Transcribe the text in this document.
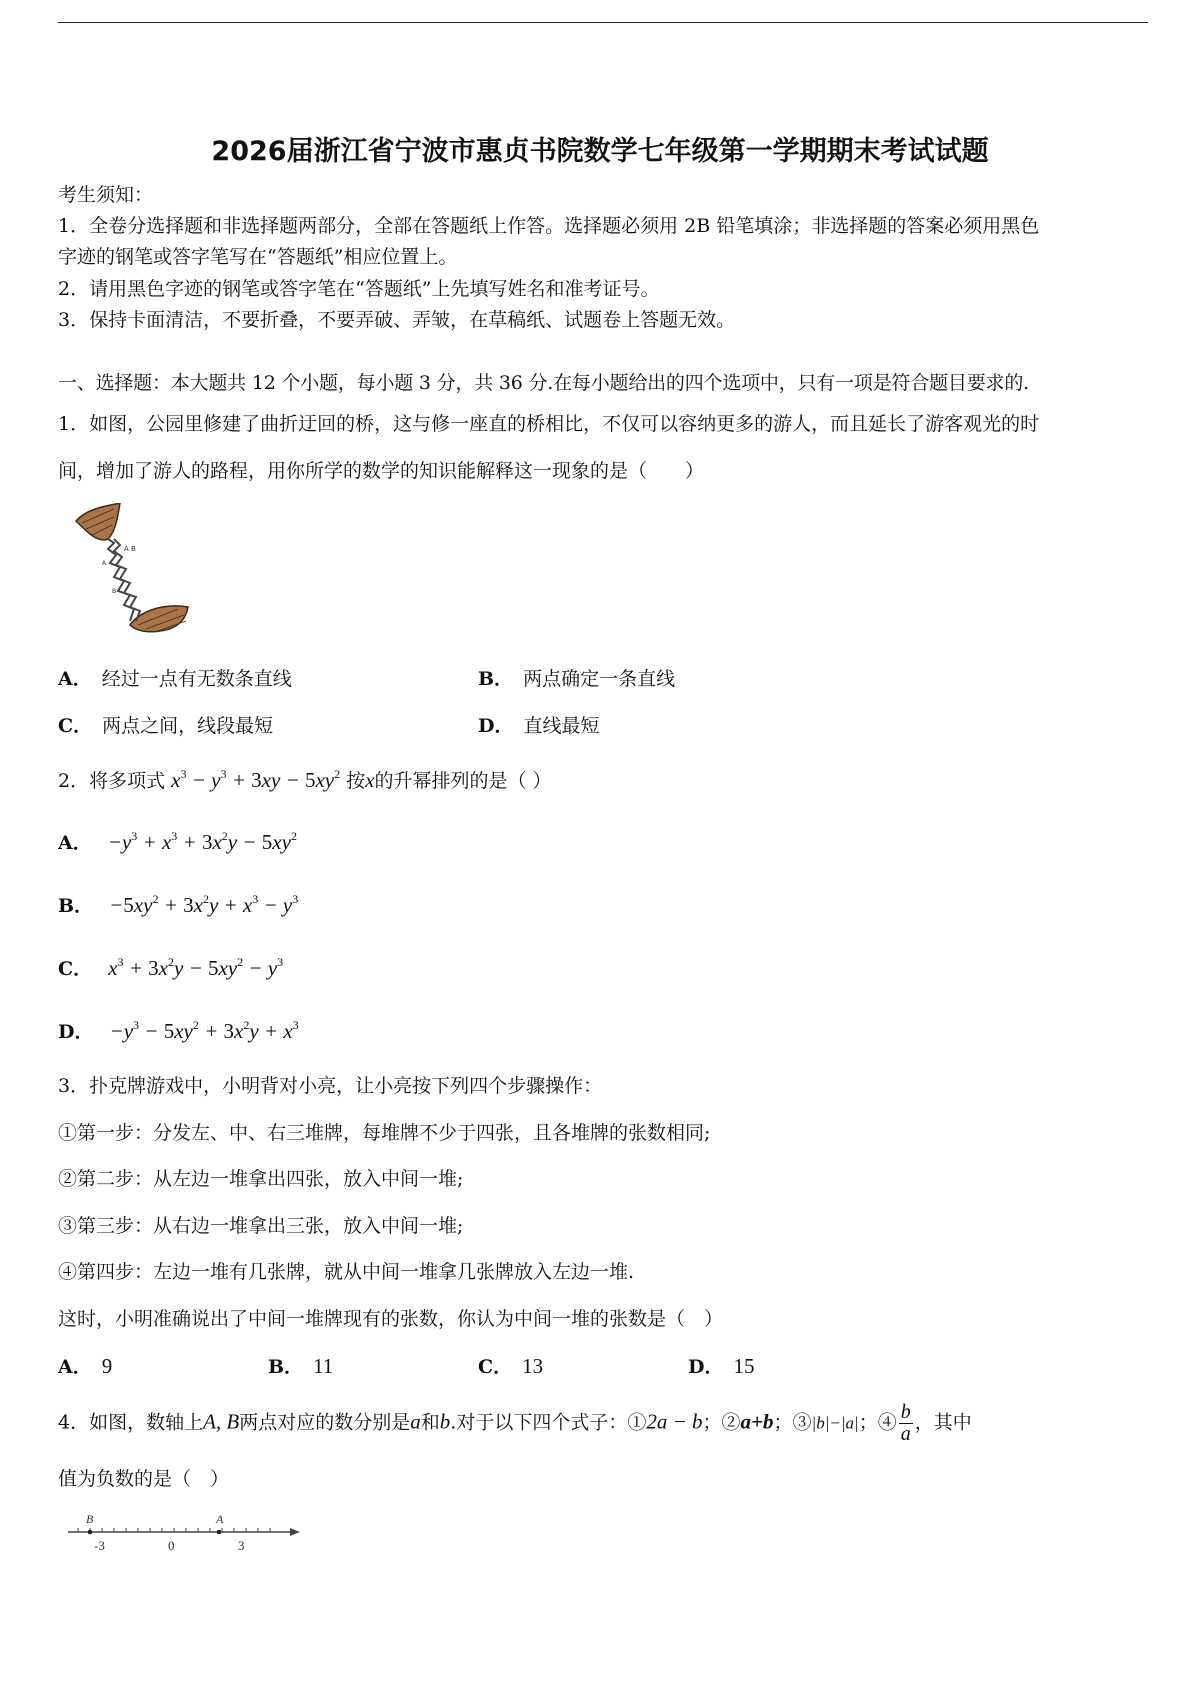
2026届浙江省宁波市惠贞书院数学七年级第一学期期末考试试题
考生须知：
1．全卷分选择题和非选择题两部分，全部在答题纸上作答。选择题必须用 2B 铅笔填涂；非选择题的答案必须用黑色
字迹的钢笔或答字笔写在“答题纸”相应位置上。
2．请用黑色字迹的钢笔或答字笔在“答题纸”上先填写姓名和准考证号。
3．保持卡面清洁，不要折叠，不要弄破、弄皱，在草稿纸、试题卷上答题无效。
一、选择题：本大题共 12 个小题，每小题 3 分，共 36 分.在每小题给出的四个选项中，只有一项是符合题目要求的.
1．如图，公园里修建了曲折迂回的桥，这与修一座直的桥相比，不仅可以容纳更多的游人，而且延长了游客观光的时
间，增加了游人的路程，用你所学的数学的知识能解释这一现象的是（　　）
A B
A
B
A． 经过一点有无数条直线	B． 两点确定一条直线
C． 两点之间，线段最短	D． 直线最短
2．将多项式 $x^3 - y^3 + 3xy - 5xy^2$ 按x的升幂排列的是（ ）
A． $-y^3 + x^3 + 3x^2y - 5xy^2$
B． $-5xy^2 + 3x^2y + x^3 - y^3$
C． $x^3 + 3x^2y - 5xy^2 - y^3$
D． $-y^3 - 5xy^2 + 3x^2y + x^3$
3．扑克牌游戏中，小明背对小亮，让小亮按下列四个步骤操作：
①第一步：分发左、中、右三堆牌，每堆牌不少于四张，且各堆牌的张数相同;
②第二步：从左边一堆拿出四张，放入中间一堆;
③第三步：从右边一堆拿出三张，放入中间一堆;
④第四步：左边一堆有几张牌，就从中间一堆拿几张牌放入左边一堆.
这时，小明准确说出了中间一堆牌现有的张数，你认为中间一堆的张数是（　）
A． 9	B． 11	C． 13	D． 15
4．如图，数轴上A, B两点对应的数分别是a和b.对于以下四个式子：①2a − b；②a+b；③|b|−|a|；④ $\frac{b}{a}$ ，其中
值为负数的是（　）
B	A
-3	0	3
